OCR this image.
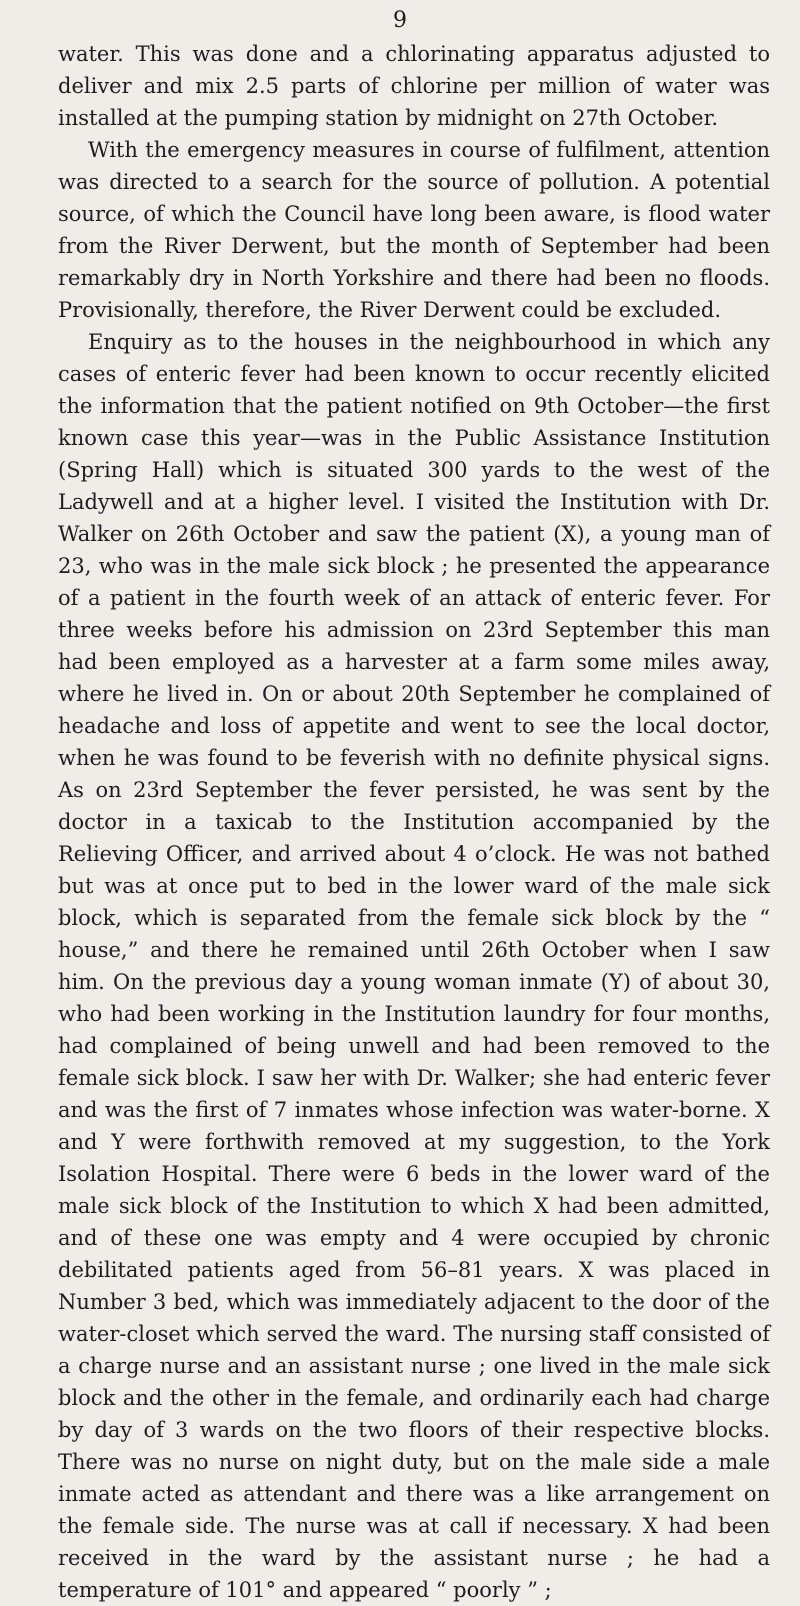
9

water. This was done and a chlorinating apparatus adjusted to deliver and mix 2.5 parts of chlorine per million of water was installed at the pumping station by midnight on 27th October.

With the emergency measures in course of fulfilment, attention was directed to a search for the source of pollution. A potential source, of which the Council have long been aware, is flood water from the River Derwent, but the month of September had been remarkably dry in North Yorkshire and there had been no floods. Provisionally, therefore, the River Derwent could be excluded.

Enquiry as to the houses in the neighbourhood in which any cases of enteric fever had been known to occur recently elicited the information that the patient notified on 9th October—the first known case this year—was in the Public Assistance Institution (Spring Hall) which is situated 300 yards to the west of the Ladywell and at a higher level. I visited the Institution with Dr. Walker on 26th October and saw the patient (X), a young man of 23, who was in the male sick block ; he presented the appearance of a patient in the fourth week of an attack of enteric fever. For three weeks before his admission on 23rd September this man had been employed as a harvester at a farm some miles away, where he lived in. On or about 20th September he complained of headache and loss of appetite and went to see the local doctor, when he was found to be feverish with no definite physical signs. As on 23rd September the fever persisted, he was sent by the doctor in a taxicab to the Institution accompanied by the Relieving Officer, and arrived about 4 o’clock. He was not bathed but was at once put to bed in the lower ward of the male sick block, which is separated from the female sick block by the “ house,” and there he remained until 26th October when I saw him. On the previous day a young woman inmate (Y) of about 30, who had been working in the Institution laundry for four months, had complained of being unwell and had been removed to the female sick block. I saw her with Dr. Walker; she had enteric fever and was the first of 7 inmates whose infection was water-borne. X and Y were forthwith removed at my suggestion, to the York Isolation Hospital. There were 6 beds in the lower ward of the male sick block of the Institution to which X had been admitted, and of these one was empty and 4 were occupied by chronic debilitated patients aged from 56–81 years. X was placed in Number 3 bed, which was immediately adjacent to the door of the water-closet which served the ward. The nursing staff consisted of a charge nurse and an assistant nurse ; one lived in the male sick block and the other in the female, and ordinarily each had charge by day of 3 wards on the two floors of their respective blocks. There was no nurse on night duty, but on the male side a male inmate acted as attendant and there was a like arrangement on the female side. The nurse was at call if necessary. X had been received in the ward by the assistant nurse ; he had a temperature of 101° and appeared “ poorly ” ;
